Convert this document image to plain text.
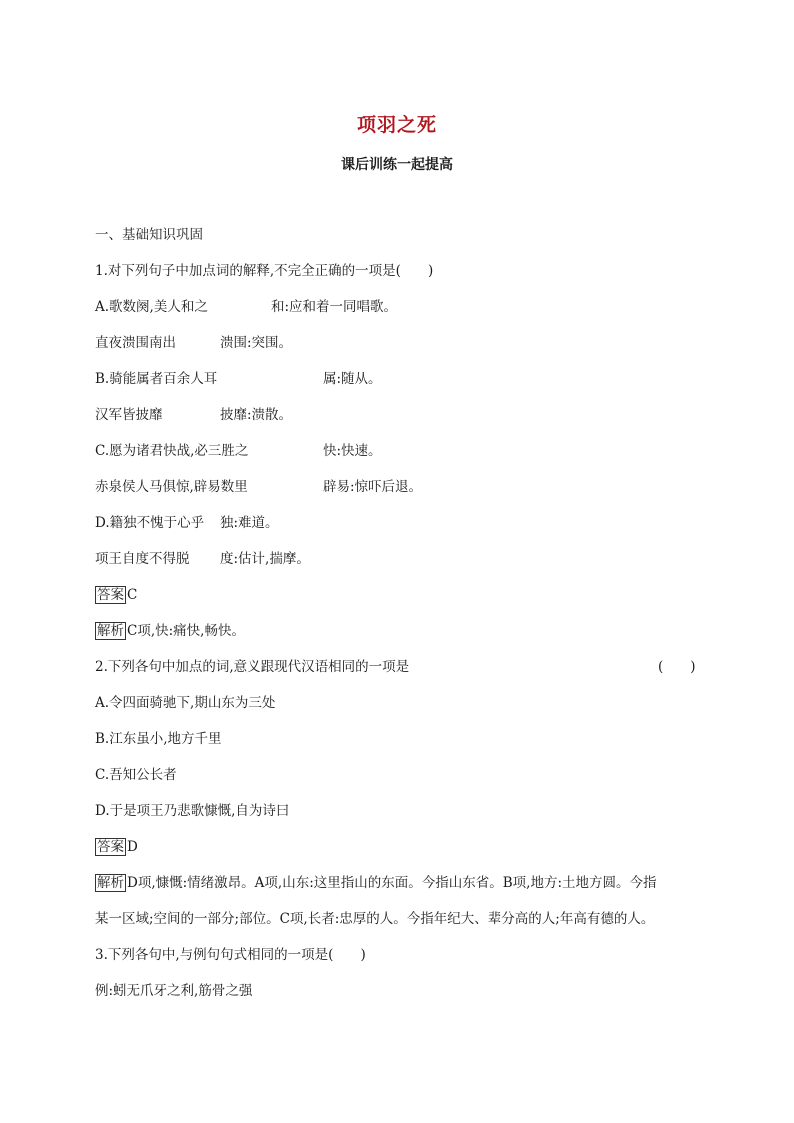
项羽之死
课后训练一起提高
一、基础知识巩固
1.对下列句子中加点词的解释,不完全正确的一项是(　　)
A.歌数阕,美人和之	和:应和着一同唱歌。
直夜溃围南出	溃围:突围。
B.骑能属者百余人耳	属:随从。
汉军皆披靡	披靡:溃散。
C.愿为诸君快战,必三胜之	快:快速。
赤泉侯人马俱惊,辟易数里	辟易:惊吓后退。
D.籍独不愧于心乎 独:难道。
项王自度不得脱 度:估计,揣摩。
答案 C
解析 C项,快:痛快,畅快。
2.下列各句中加点的词,意义跟现代汉语相同的一项是	(　　)
A.令四面骑驰下,期山东为三处
B.江东虽小,地方千里
C.吾知公长者
D.于是项王乃悲歌慷慨,自为诗曰
答案 D
解析 D项,慷慨:情绪激昂。A项,山东:这里指山的东面。今指山东省。B项,地方:土地方圆。今指
某一区域;空间的一部分;部位。C项,长者:忠厚的人。今指年纪大、辈分高的人;年高有德的人。
3.下列各句中,与例句句式相同的一项是(　　)
例:蚓无爪牙之利,筋骨之强
